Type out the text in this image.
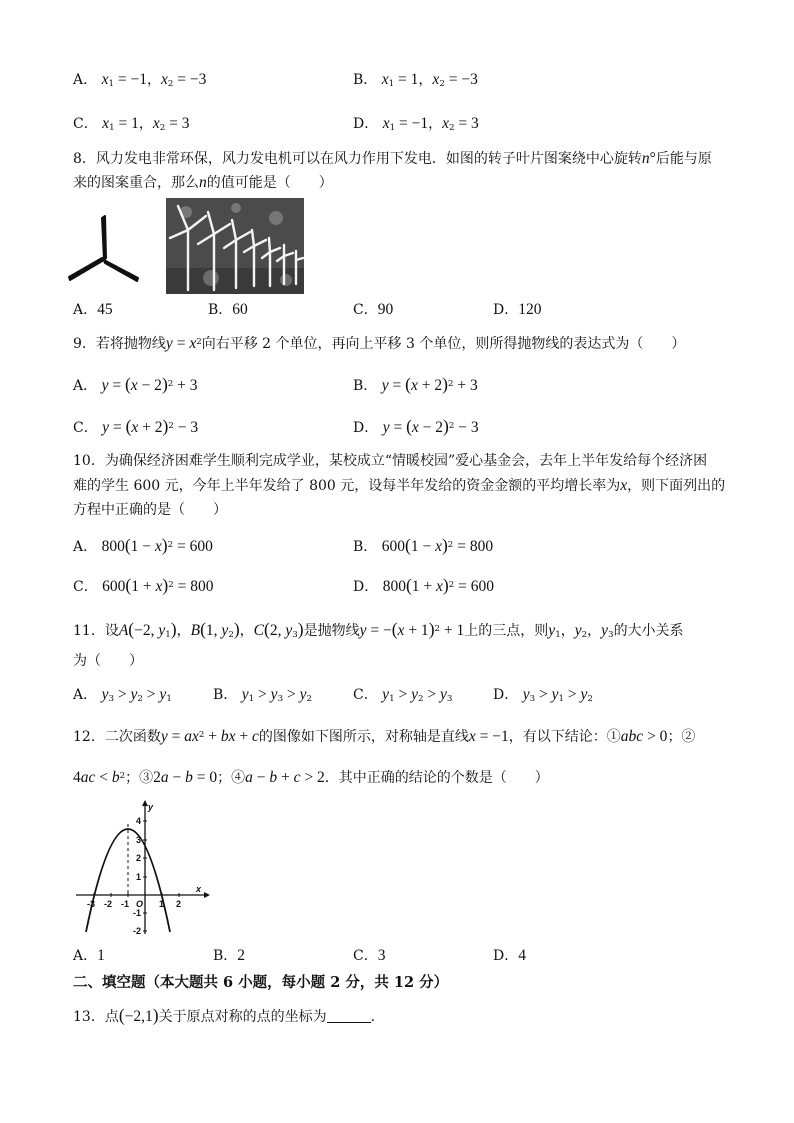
A． $x_1 = -1$，$x_2 = -3$	B． $x_1 = 1$，$x_2 = -3$
C． $x_1 = 1$，$x_2 = 3$	D． $x_1 = -1$，$x_2 = 3$
8．风力发电非常环保，风力发电机可以在风力作用下发电．如图的转子叶片图案绕中心旋转n°后能与原
来的图案重合，那么n的值可能是（　　）
A．45	B．60	C．90	D．120
9．若将抛物线$y = x^2$向右平移 2 个单位，再向上平移 3 个单位，则所得抛物线的表达式为（　　）
A． $y = (x - 2)^2 + 3$	B． $y = (x + 2)^2 + 3$
C． $y = (x + 2)^2 - 3$	D． $y = (x - 2)^2 - 3$
10．为确保经济困难学生顺利完成学业，某校成立“情暖校园”爱心基金会，去年上半年发给每个经济困
难的学生 600 元，今年上半年发给了 800 元，设每半年发给的资金金额的平均增长率为x，则下面列出的
方程中正确的是（　　）
A． $800(1 - x)^2 = 600$	B． $600(1 - x)^2 = 800$
C． $600(1 + x)^2 = 800$	D． $800(1 + x)^2 = 600$
11．设A(−2, $y_1$)，B(1, $y_2$)，C(2, $y_3$)是抛物线$y = -(x + 1)^2 + 1$上的三点，则$y_1$，$y_2$，$y_3$的大小关系
为（　　）
A． $y_3 > y_2 > y_1$	B． $y_1 > y_3 > y_2$	C． $y_1 > y_2 > y_3$	D． $y_3 > y_1 > y_2$
12．二次函数$y = ax^2$ + bx + c的图像如下图所示，对称轴是直线x = −1，有以下结论：①abc > 0；②
$4ac < b^2$；③2a − b = 0；④a − b + c > 2．其中正确的结论的个数是（　　）
-3 -2 -1 O 1 2
x
y
4
3
2
1
-1
-2
A．1	B．2	C．3	D．4
二、填空题（本大题共 6 小题，每小题 2 分，共 12 分）
13．点(−2,1)关于原点对称的点的坐标为	.
